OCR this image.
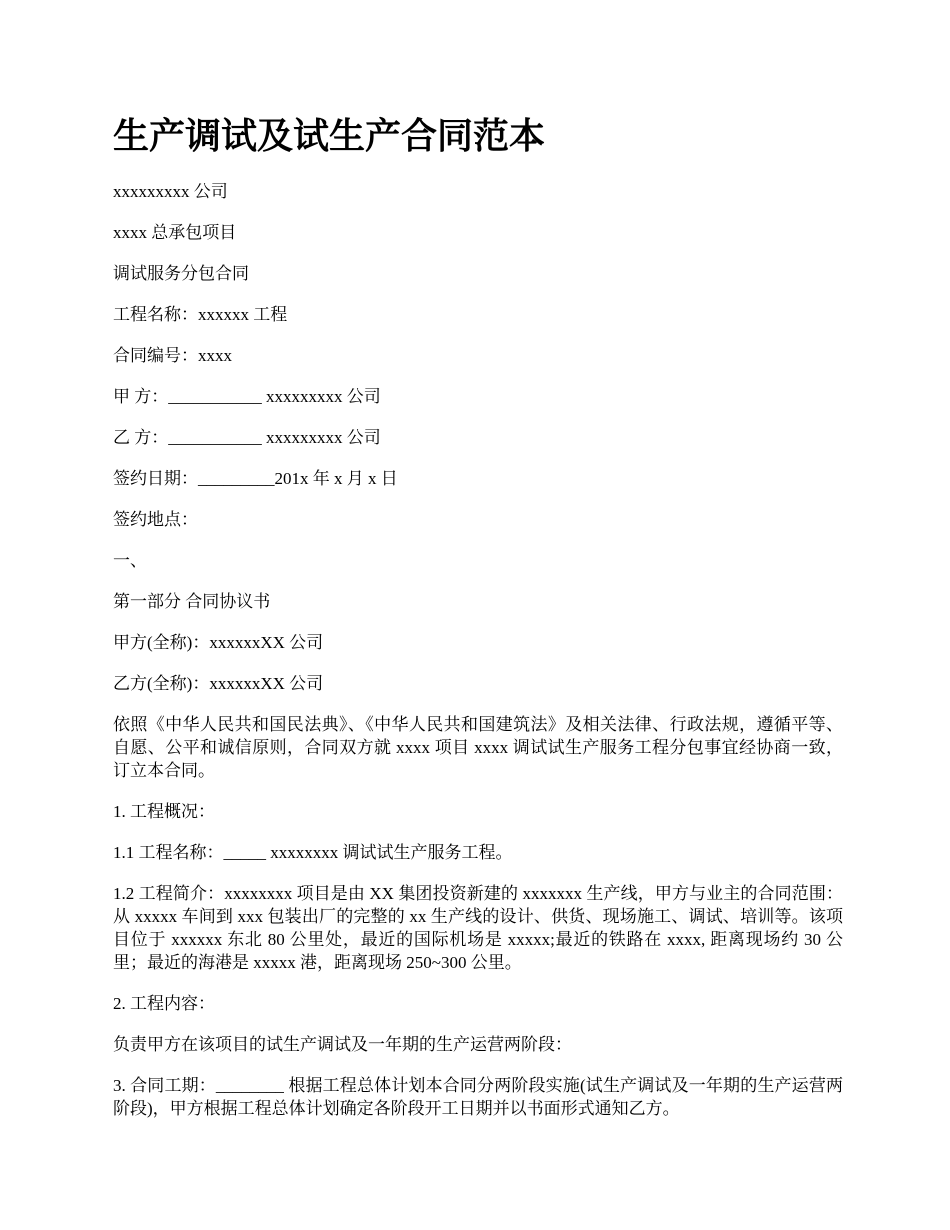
生产调试及试生产合同范本

xxxxxxxxx 公司

xxxx 总承包项目

调试服务分包合同

工程名称：xxxxxx 工程

合同编号：xxxx

甲 方：___________ xxxxxxxxx 公司

乙 方：___________ xxxxxxxxx 公司

签约日期：_________201x 年 x 月 x 日

签约地点：

一、

第一部分 合同协议书

甲方(全称)：xxxxxxXX 公司

乙方(全称)：xxxxxxXX 公司

依照《中华人民共和国民法典》、《中华人民共和国建筑法》及相关法律、行政法规，遵循平等、自愿、公平和诚信原则，合同双方就 xxxx 项目 xxxx 调试试生产服务工程分包事宜经协商一致，订立本合同。

1. 工程概况：

1.1 工程名称：_____ xxxxxxxx 调试试生产服务工程。

1.2 工程简介：xxxxxxxx 项目是由 XX 集团投资新建的 xxxxxxx 生产线，甲方与业主的合同范围：从 xxxxx 车间到 xxx 包装出厂的完整的 xx 生产线的设计、供货、现场施工、调试、培训等。该项目位于 xxxxxx 东北 80 公里处，最近的国际机场是 xxxxx;最近的铁路在 xxxx, 距离现场约 30 公里；最近的海港是 xxxxx 港，距离现场 250~300 公里。

2. 工程内容：

负责甲方在该项目的试生产调试及一年期的生产运营两阶段：

3. 合同工期：________ 根据工程总体计划本合同分两阶段实施(试生产调试及一年期的生产运营两阶段)，甲方根据工程总体计划确定各阶段开工日期并以书面形式通知乙方。
